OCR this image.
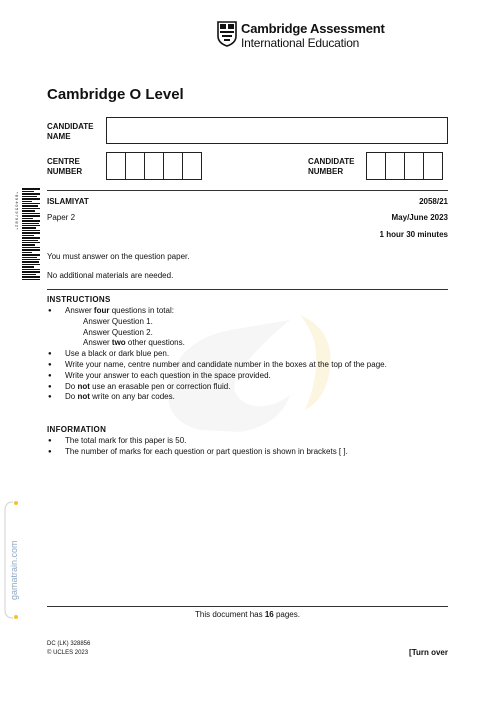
Cambridge Assessment
International Education
Cambridge O Level
CANDIDATE NAME
CENTRE NUMBER
CANDIDATE NUMBER
* 8 9 4 0 5 9 7 9 8 2 *	ISLAMIYAT	2058/21
Paper 2	May/June 2023
1 hour 30 minutes
You must answer on the question paper.
No additional materials are needed.
INSTRUCTIONS
● Answer four questions in total:
Answer Question 1.
Answer Question 2.
Answer two other questions.
● Use a black or dark blue pen.
● Write your name, centre number and candidate number in the boxes at the top of the page.
● Write your answer to each question in the space provided.
● Do not use an erasable pen or correction fluid.
● Do not write on any bar codes.
INFORMATION
● The total mark for this paper is 50.
● The number of marks for each question or part question is shown in brackets [ ].
gamatrain.com
This document has 16 pages.
DC (LK) 328856
© UCLES 2023	[Turn over
